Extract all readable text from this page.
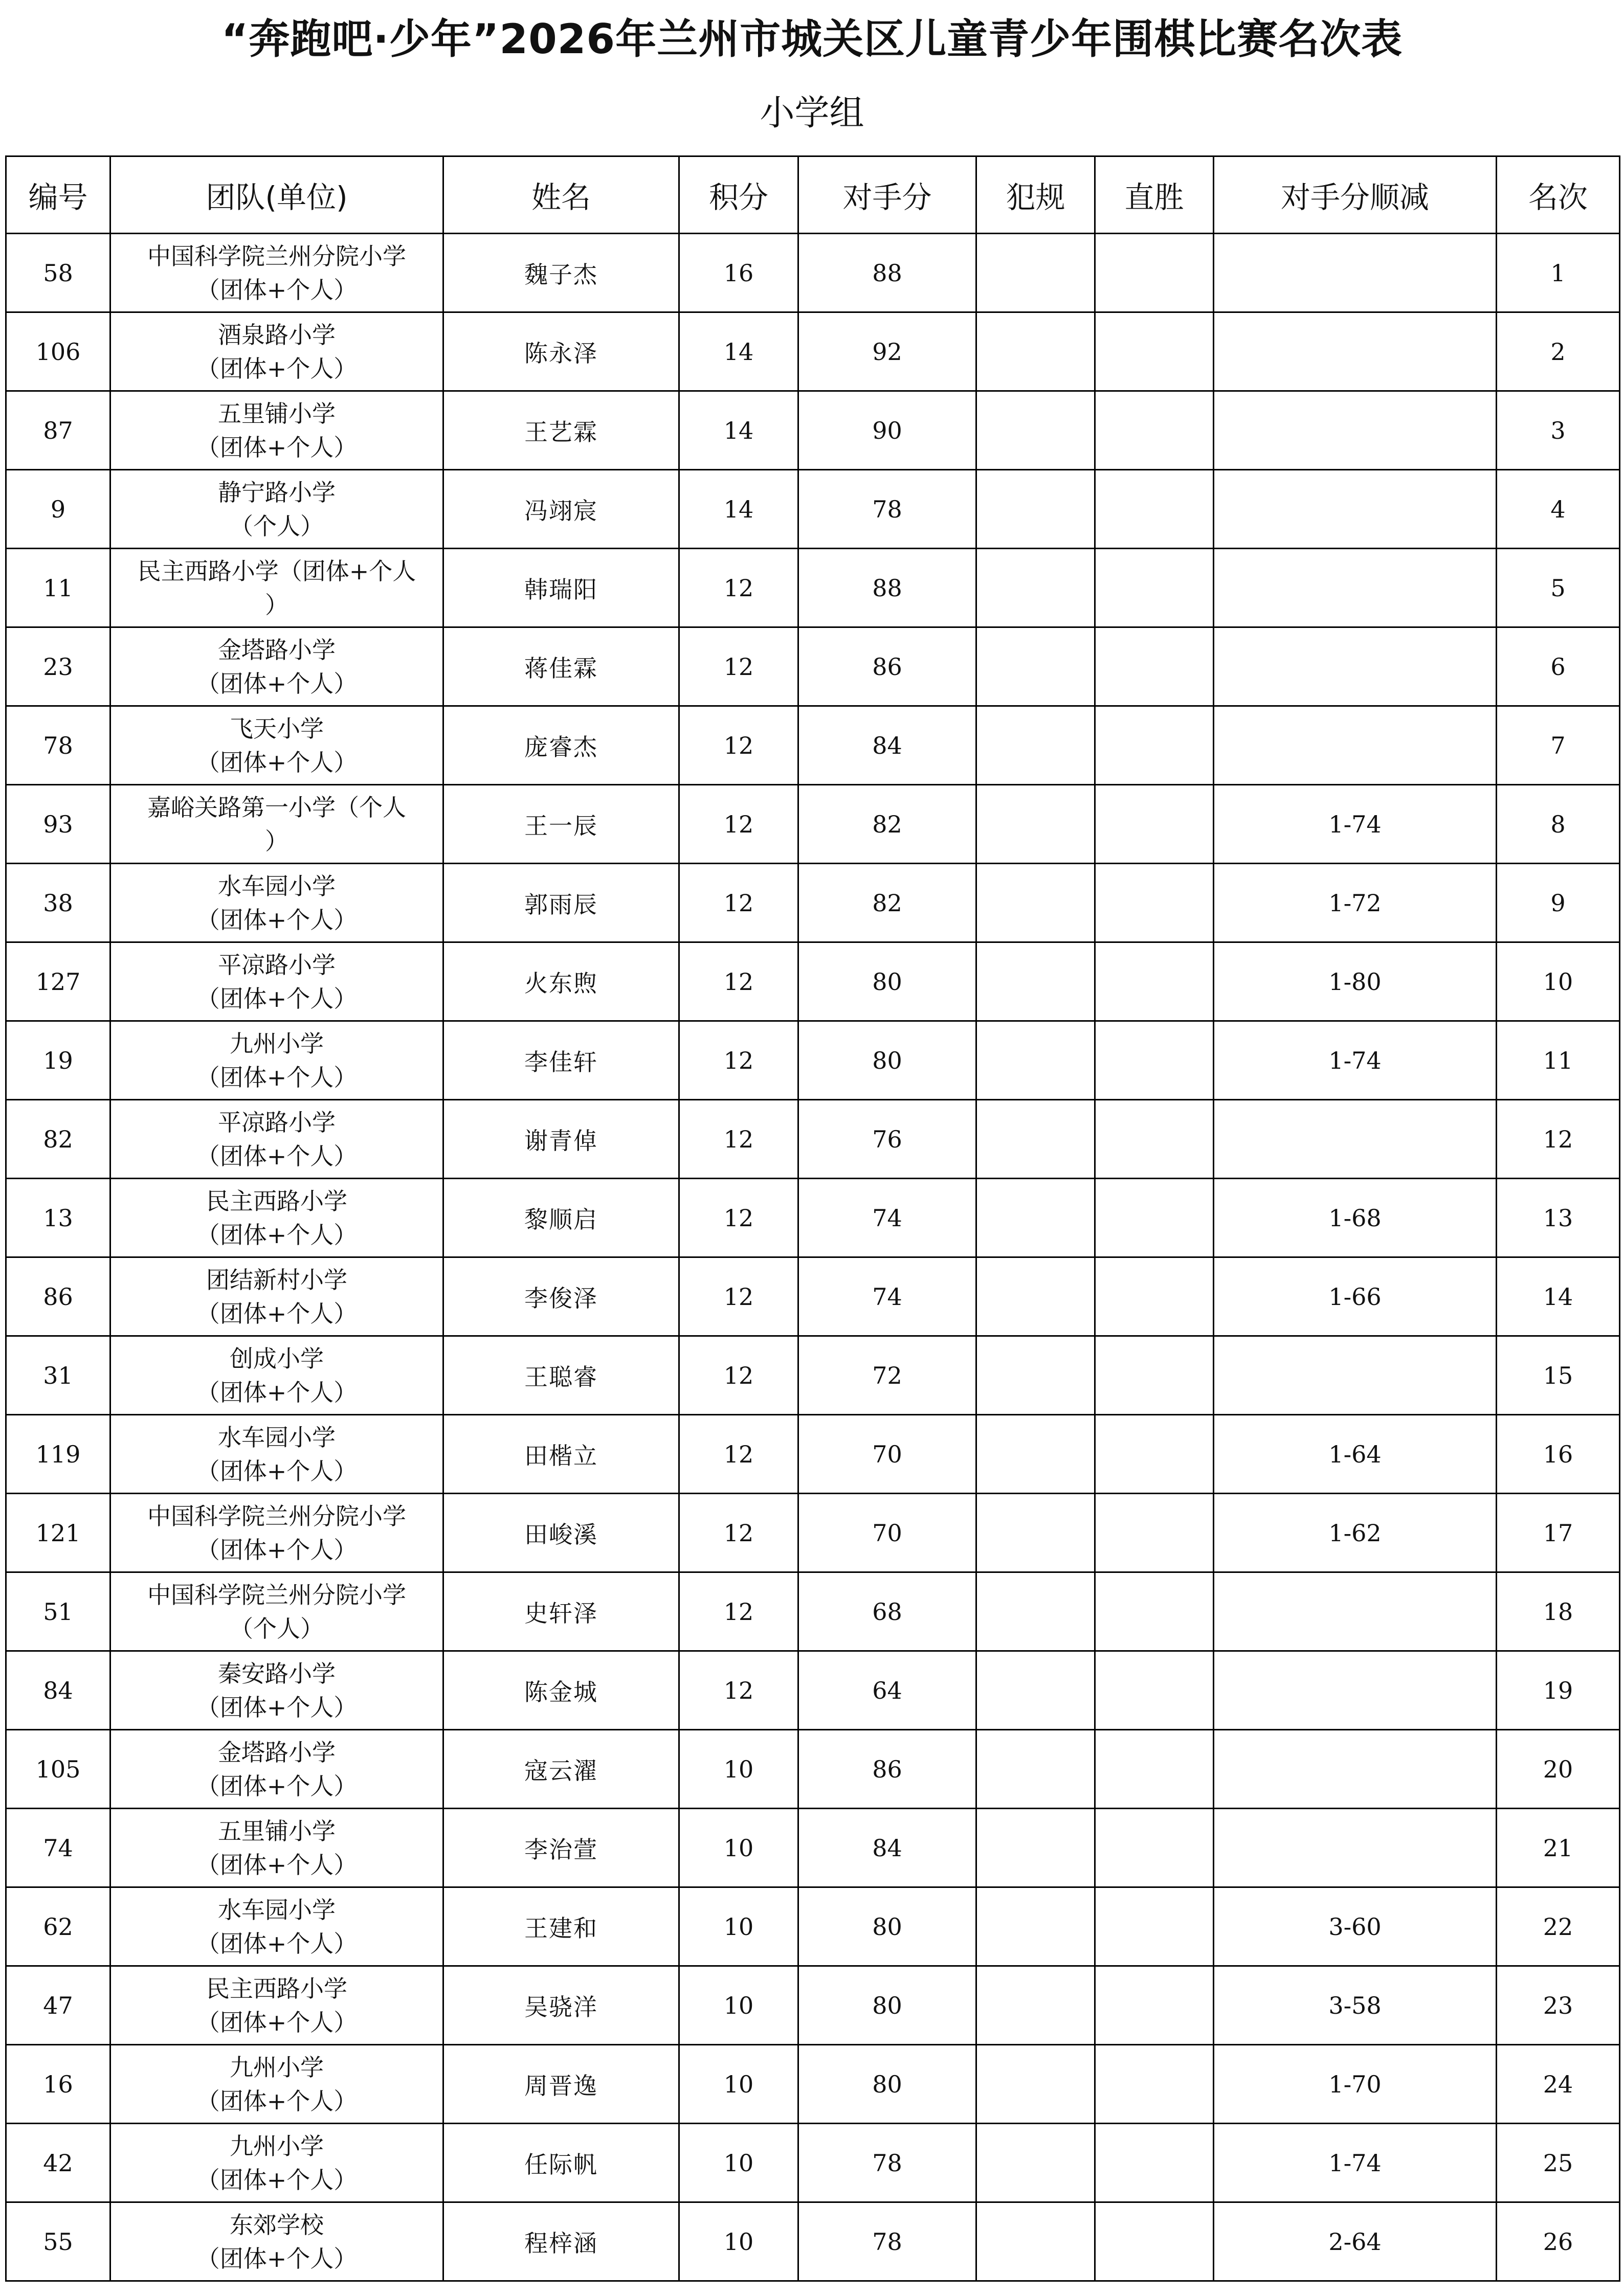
“奔跑吧·少年”2026年兰州市城关区儿童青少年围棋比赛名次表
小学组
编号	团队(单位)	姓名	积分	对手分	犯规	直胜	对手分顺减	名次
58	中国科学院兰州分院小学
（团体+个人）	魏子杰	16	88				1
106	酒泉路小学
（团体+个人）	陈永泽	14	92				2
87	五里铺小学
（团体+个人）	王艺霖	14	90				3
9	静宁路小学
（个人）	冯翊宸	14	78				4
11	民主西路小学（团体+个人
）	韩瑞阳	12	88				5
23	金塔路小学
（团体+个人）	蒋佳霖	12	86				6
78	飞天小学
（团体+个人）	庞睿杰	12	84				7
93	嘉峪关路第一小学（个人
）	王一辰	12	82			1-74	8
38	水车园小学
（团体+个人）	郭雨辰	12	82			1-72	9
127	平凉路小学
（团体+个人）	火东煦	12	80			1-80	10
19	九州小学
（团体+个人）	李佳轩	12	80			1-74	11
82	平凉路小学
（团体+个人）	谢青倬	12	76				12
13	民主西路小学
（团体+个人）	黎顺启	12	74			1-68	13
86	团结新村小学
（团体+个人）	李俊泽	12	74			1-66	14
31	创成小学
（团体+个人）	王聪睿	12	72				15
119	水车园小学
（团体+个人）	田楷立	12	70			1-64	16
121	中国科学院兰州分院小学
（团体+个人）	田峻溪	12	70			1-62	17
51	中国科学院兰州分院小学
（个人）	史轩泽	12	68				18
84	秦安路小学
（团体+个人）	陈金城	12	64				19
105	金塔路小学
（团体+个人）	寇云濯	10	86				20
74	五里铺小学
（团体+个人）	李治萱	10	84				21
62	水车园小学
（团体+个人）	王建和	10	80			3-60	22
47	民主西路小学
（团体+个人）	吴骁洋	10	80			3-58	23
16	九州小学
（团体+个人）	周晋逸	10	80			1-70	24
42	九州小学
（团体+个人）	任际帆	10	78			1-74	25
55	东郊学校
（团体+个人）	程梓涵	10	78			2-64	26
